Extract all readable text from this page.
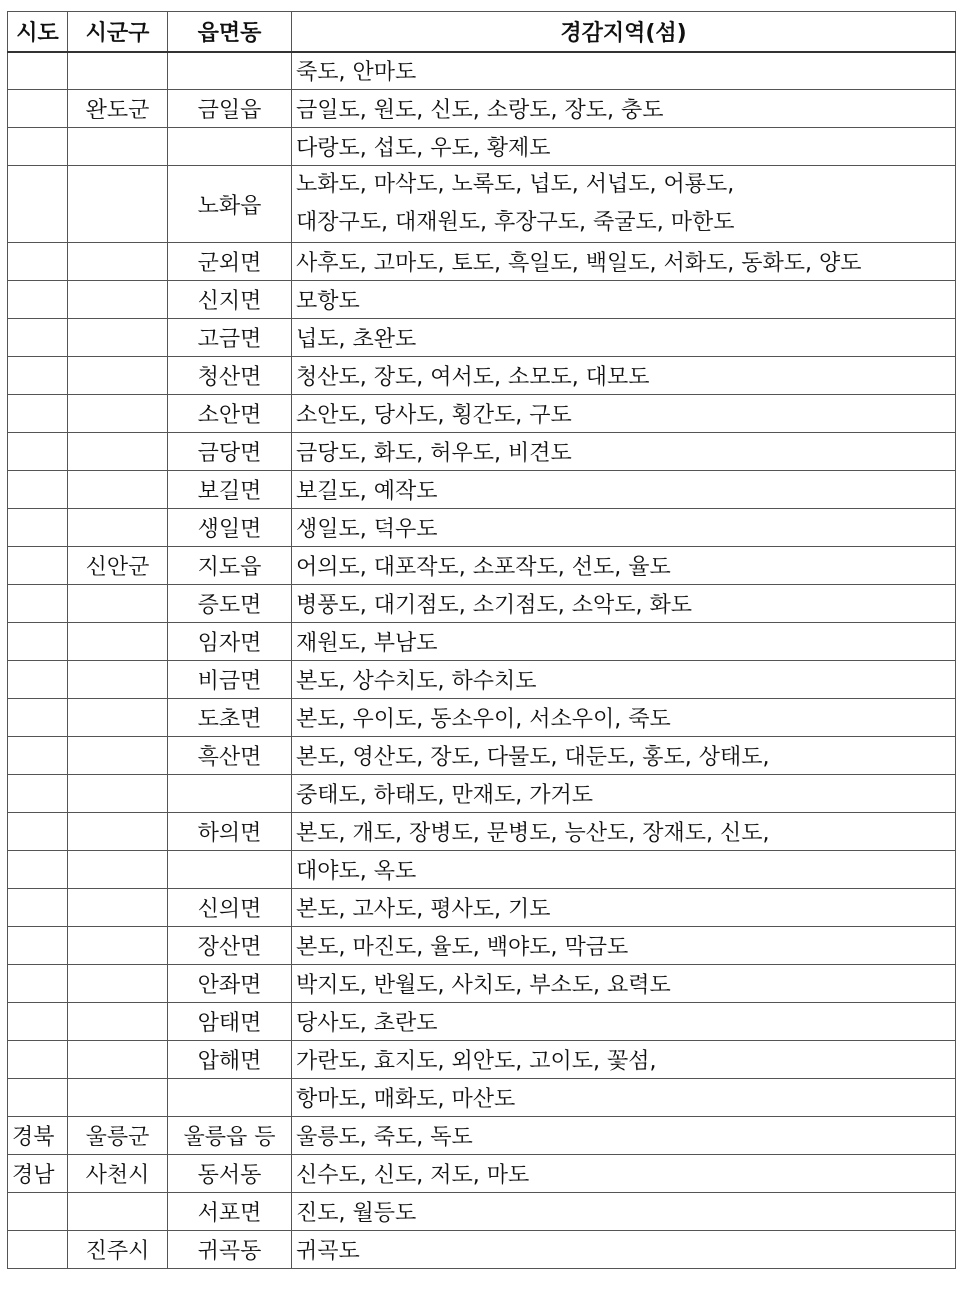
시도	시군구	읍면동	경감지역(섬)

			죽도, 안마도

	완도군	금일읍	금일도, 원도, 신도, 소랑도, 장도, 충도

			다랑도, 섭도, 우도, 황제도

		노화읍	노화도, 마삭도, 노록도, 넙도, 서넙도, 어룡도,
대장구도, 대재원도, 후장구도, 죽굴도, 마한도

		군외면	사후도, 고마도, 토도, 흑일도, 백일도, 서화도, 동화도, 양도

		신지면	모항도

		고금면	넙도, 초완도

		청산면	청산도, 장도, 여서도, 소모도, 대모도

		소안면	소안도, 당사도, 횡간도, 구도

		금당면	금당도, 화도, 허우도, 비견도

		보길면	보길도, 예작도

		생일면	생일도, 덕우도

	신안군	지도읍	어의도, 대포작도, 소포작도, 선도, 율도

		증도면	병풍도, 대기점도, 소기점도, 소악도, 화도

		임자면	재원도, 부남도

		비금면	본도, 상수치도, 하수치도

		도초면	본도, 우이도, 동소우이, 서소우이, 죽도

		흑산면	본도, 영산도, 장도, 다물도, 대둔도, 홍도, 상태도,

			중태도, 하태도, 만재도, 가거도

		하의면	본도, 개도, 장병도, 문병도, 능산도, 장재도, 신도,

			대야도, 옥도

		신의면	본도, 고사도, 평사도, 기도

		장산면	본도, 마진도, 율도, 백야도, 막금도

		안좌면	박지도, 반월도, 사치도, 부소도, 요력도

		암태면	당사도, 초란도

		압해면	가란도, 효지도, 외안도, 고이도, 꽃섬,

			항마도, 매화도, 마산도

경북	울릉군	울릉읍 등	울릉도, 죽도, 독도

경남	사천시	동서동	신수도, 신도, 저도, 마도

		서포면	진도, 월등도

	진주시	귀곡동	귀곡도
